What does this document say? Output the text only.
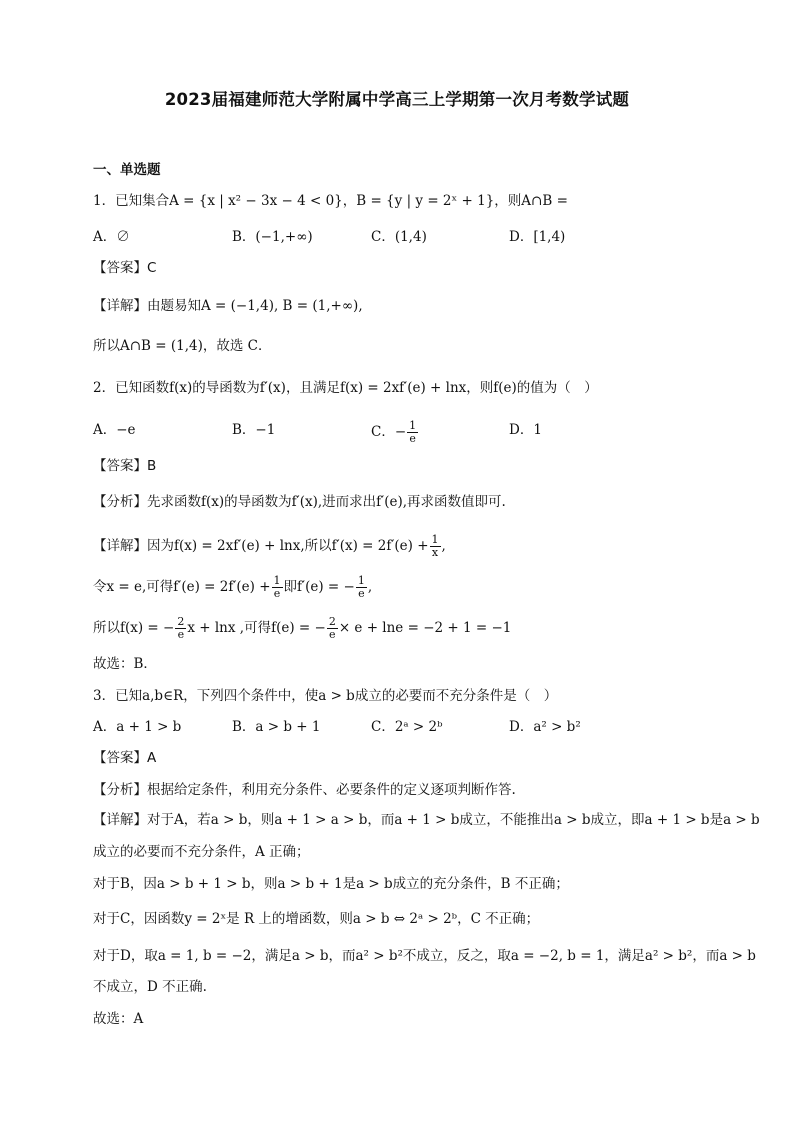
2023届福建师范大学附属中学高三上学期第一次月考数学试题
一、单选题
1．已知集合A = {x | x² − 3x − 4 < 0}，B = {y | y = 2ˣ + 1}，则A∩B =
A．∅	B．(−1,+∞)	C．(1,4)	D．[1,4)
【答案】C
【详解】由题易知A = (−1,4), B = (1,+∞),
所以A∩B = (1,4)，故选 C．
2．已知函数f(x)的导函数为f′(x)，且满足f(x) = 2xf′(e) + lnx，则f(e)的值为（　）
A．−e	B．−1	C．− $\frac{1}{e}$	D．1
【答案】B
【分析】先求函数f(x)的导函数为f′(x),进而求出f′(e),再求函数值即可.
【详解】因为f(x) = 2xf′(e) + lnx,所以$f'(x) = 2f'(e) + \frac{1}{x}$ ,
令x = e,可得$f'(e) = 2f'(e) + \frac{1}{e}$ 即f′(e) = − $\frac{1}{e}$ ,
所以f(x) = − $\frac{2}{e}$ x + lnx ,可得f(e) = − $\frac{2}{e} \times e + \ln e = -2 + 1 = -1$
故选：B．
3．已知a,b∈R，下列四个条件中，使a > b成立的必要而不充分条件是（　）
A．a + 1 > b	B．a > b + 1	C．2ᵃ > 2ᵇ	D．a² > b²
【答案】A
【分析】根据给定条件，利用充分条件、必要条件的定义逐项判断作答.
【详解】对于A，若a > b，则a + 1 > a > b，而a + 1 > b成立，不能推出a > b成立，即a + 1 > b是a > b
成立的必要而不充分条件，A 正确；
对于B，因a > b + 1 > b，则a > b + 1是a > b成立的充分条件，B 不正确；
对于C，因函数y = 2ˣ是 R 上的增函数，则a > b ⇔ 2ᵃ > 2ᵇ，C 不正确；
对于D，取a = 1, b = −2，满足a > b，而a² > b²不成立，反之，取a = −2, b = 1，满足a² > b²，而a > b
不成立，D 不正确.
故选：A
